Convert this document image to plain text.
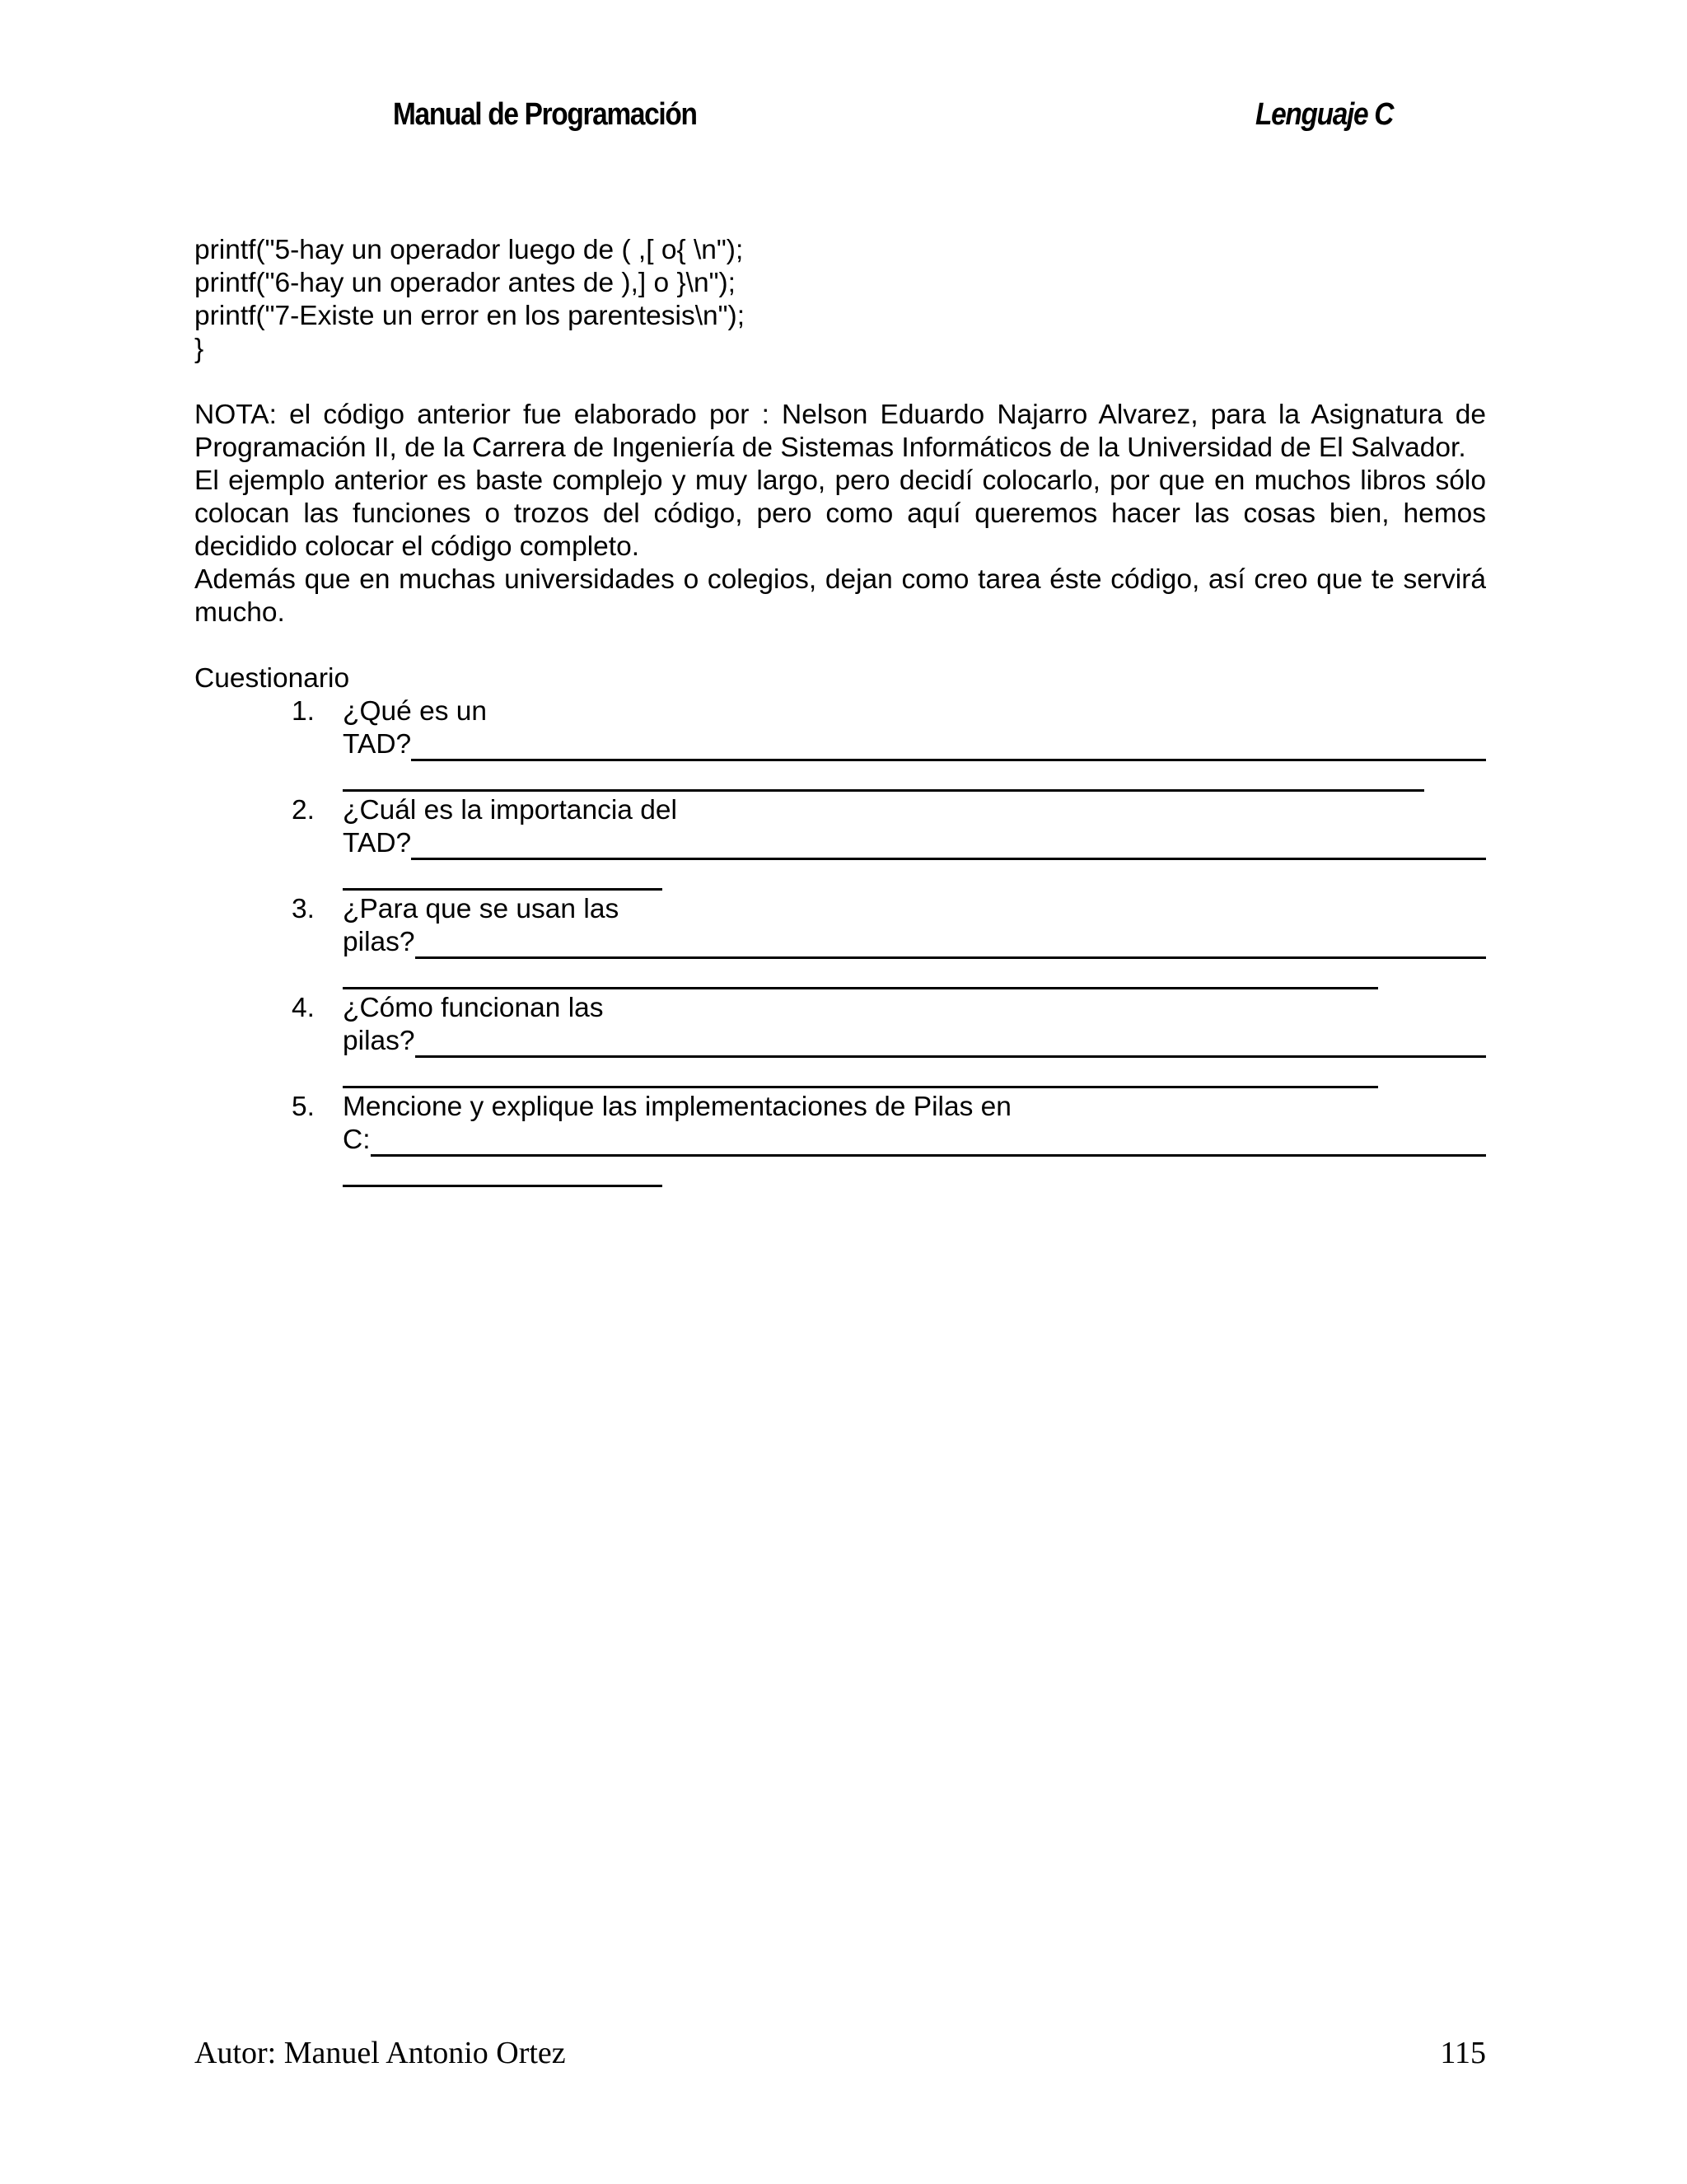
Manual de Programación	Lenguaje C
printf("5-hay un operador luego de ( ,[ o{ \n");
printf("6-hay un operador antes de ),] o }\n");
printf("7-Existe un error en los parentesis\n");
}
NOTA: el código anterior fue elaborado por : Nelson Eduardo Najarro Alvarez, para la Asignatura de Programación II, de la Carrera de Ingeniería de Sistemas Informáticos de la Universidad de El Salvador.
El ejemplo anterior es baste complejo y muy largo, pero decidí colocarlo, por que en muchos libros sólo colocan las funciones o trozos del código, pero como aquí queremos hacer las cosas bien, hemos decidido colocar el código completo.
Además que en muchas universidades o colegios, dejan como tarea éste código, así creo que te servirá mucho.
Cuestionario
1. ¿Qué es un
TAD?
2. ¿Cuál es la importancia del
TAD?
3. ¿Para que se usan las
pilas?
4. ¿Cómo funcionan las
pilas?
5. Mencione y explique las implementaciones de Pilas en
C:
Autor: Manuel Antonio Ortez	115
